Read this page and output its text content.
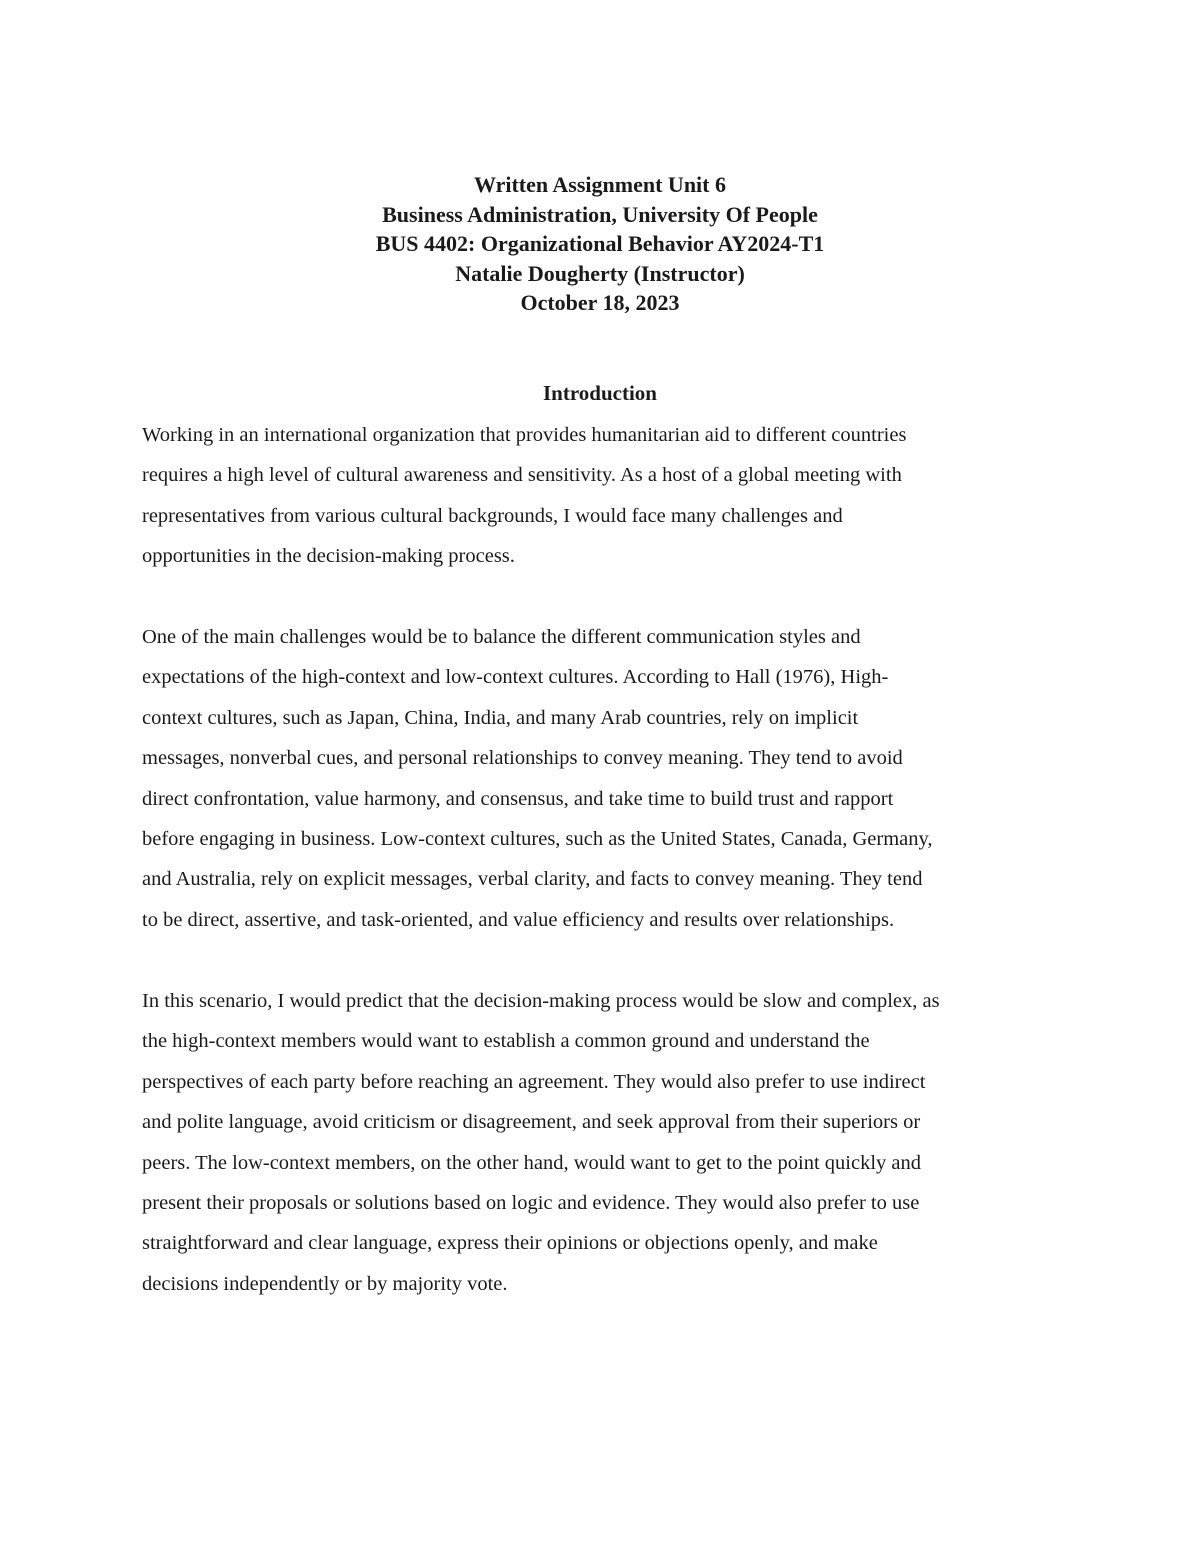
Written Assignment Unit 6
Business Administration, University Of People
BUS 4402: Organizational Behavior AY2024-T1
Natalie Dougherty (Instructor)
October 18, 2023
Introduction
Working in an international organization that provides humanitarian aid to different countries
requires a high level of cultural awareness and sensitivity. As a host of a global meeting with
representatives from various cultural backgrounds, I would face many challenges and
opportunities in the decision-making process.
One of the main challenges would be to balance the different communication styles and
expectations of the high-context and low-context cultures. According to Hall (1976), High-
context cultures, such as Japan, China, India, and many Arab countries, rely on implicit
messages, nonverbal cues, and personal relationships to convey meaning. They tend to avoid
direct confrontation, value harmony, and consensus, and take time to build trust and rapport
before engaging in business. Low-context cultures, such as the United States, Canada, Germany,
and Australia, rely on explicit messages, verbal clarity, and facts to convey meaning. They tend
to be direct, assertive, and task-oriented, and value efficiency and results over relationships.
In this scenario, I would predict that the decision-making process would be slow and complex, as
the high-context members would want to establish a common ground and understand the
perspectives of each party before reaching an agreement. They would also prefer to use indirect
and polite language, avoid criticism or disagreement, and seek approval from their superiors or
peers. The low-context members, on the other hand, would want to get to the point quickly and
present their proposals or solutions based on logic and evidence. They would also prefer to use
straightforward and clear language, express their opinions or objections openly, and make
decisions independently or by majority vote.
